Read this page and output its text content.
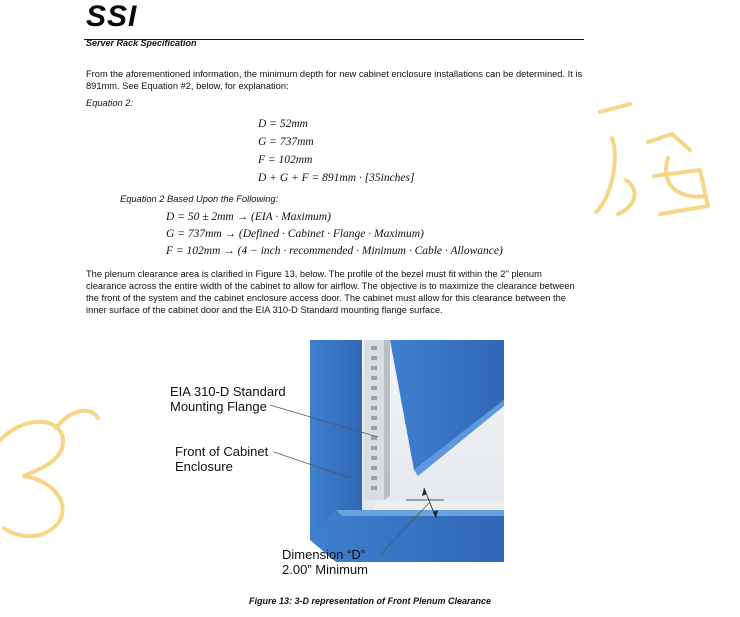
SSI
Server Rack Specification
From the aforementioned information, the minimum depth for new cabinet enclosure installations can be determined. It is 891mm. See Equation #2, below, for explanation:
Equation 2:
D = 52mm
G = 737mm
F = 102mm
D + G + F = 891mm · [35inches]
Equation 2 Based Upon the Following:
D = 50 ± 2mm → (EIA · Maximum)
G = 737mm → (Defined · Cabinet · Flange · Maximum)
F = 102mm → (4 − inch · recommended · Minimum · Cable · Allowance)
The plenum clearance area is clarified in Figure 13, below. The profile of the bezel must fit within the 2" plenum clearance across the entire width of the cabinet to allow for airflow. The objective is to maximize the clearance between the front of the system and the cabinet enclosure access door. The cabinet must allow for this clearance between the inner surface of the cabinet door and the EIA 310-D Standard mounting flange surface.
EIA 310-D Standard
Mounting Flange
Front of Cabinet
Enclosure
Dimension “D”
2.00” Minimum
Figure 13: 3-D representation of Front Plenum Clearance
